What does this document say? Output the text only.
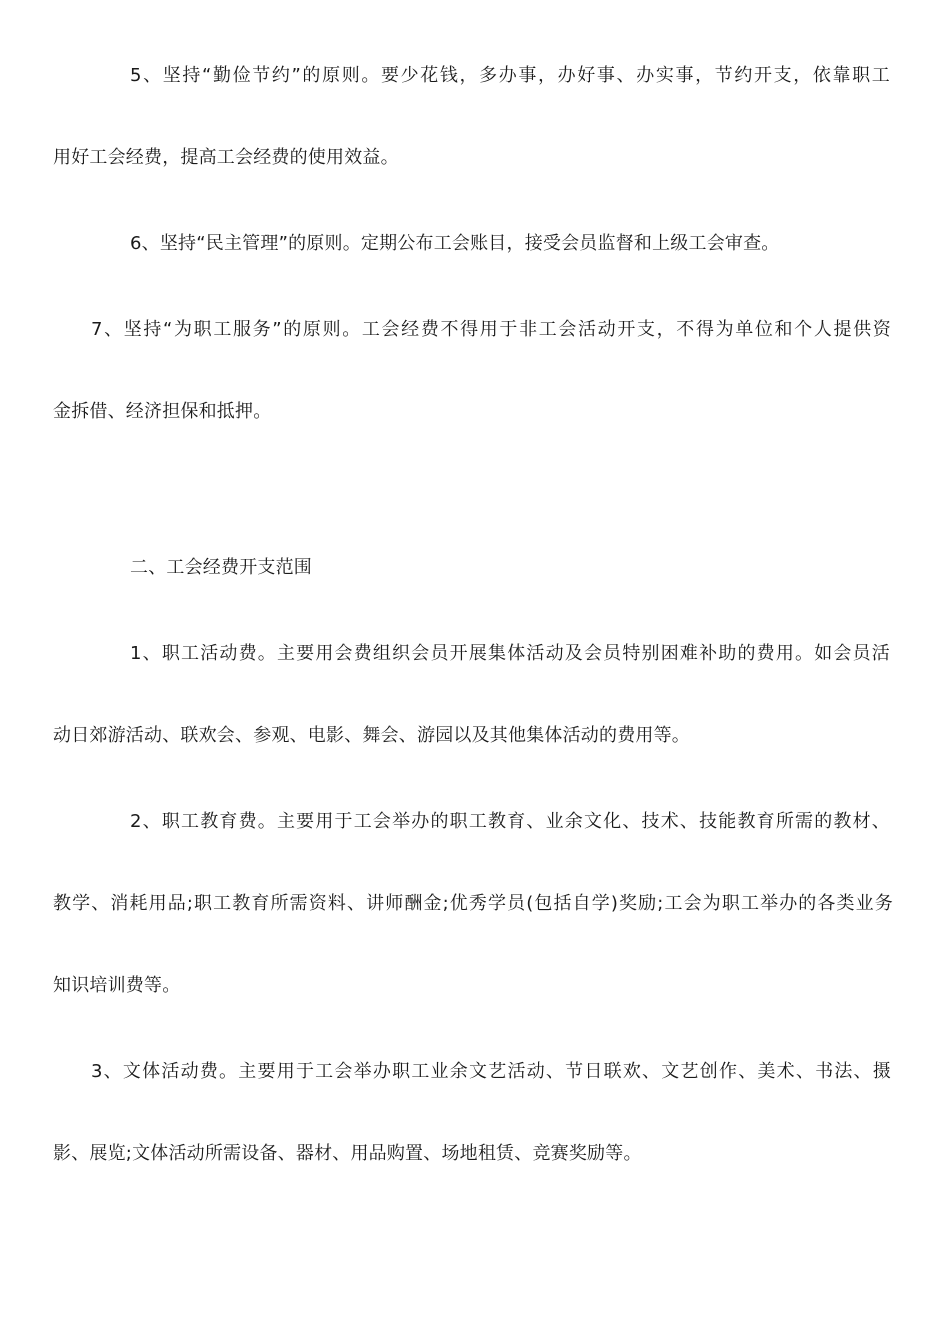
5、坚持“勤俭节约”的原则。要少花钱，多办事，办好事、办实事，节约开支，依靠职工
用好工会经费，提高工会经费的使用效益。
6、坚持“民主管理”的原则。定期公布工会账目，接受会员监督和上级工会审查。
7、坚持“为职工服务”的原则。工会经费不得用于非工会活动开支，不得为单位和个人提供资
金拆借、经济担保和抵押。
二、工会经费开支范围
1、职工活动费。主要用会费组织会员开展集体活动及会员特别困难补助的费用。如会员活
动日郊游活动、联欢会、参观、电影、舞会、游园以及其他集体活动的费用等。
2、职工教育费。主要用于工会举办的职工教育、业余文化、技术、技能教育所需的教材、
教学、消耗用品;职工教育所需资料、讲师酬金;优秀学员(包括自学)奖励;工会为职工举办的各类业务
知识培训费等。
3、文体活动费。主要用于工会举办职工业余文艺活动、节日联欢、文艺创作、美术、书法、摄
影、展览;文体活动所需设备、器材、用品购置、场地租赁、竞赛奖励等。
